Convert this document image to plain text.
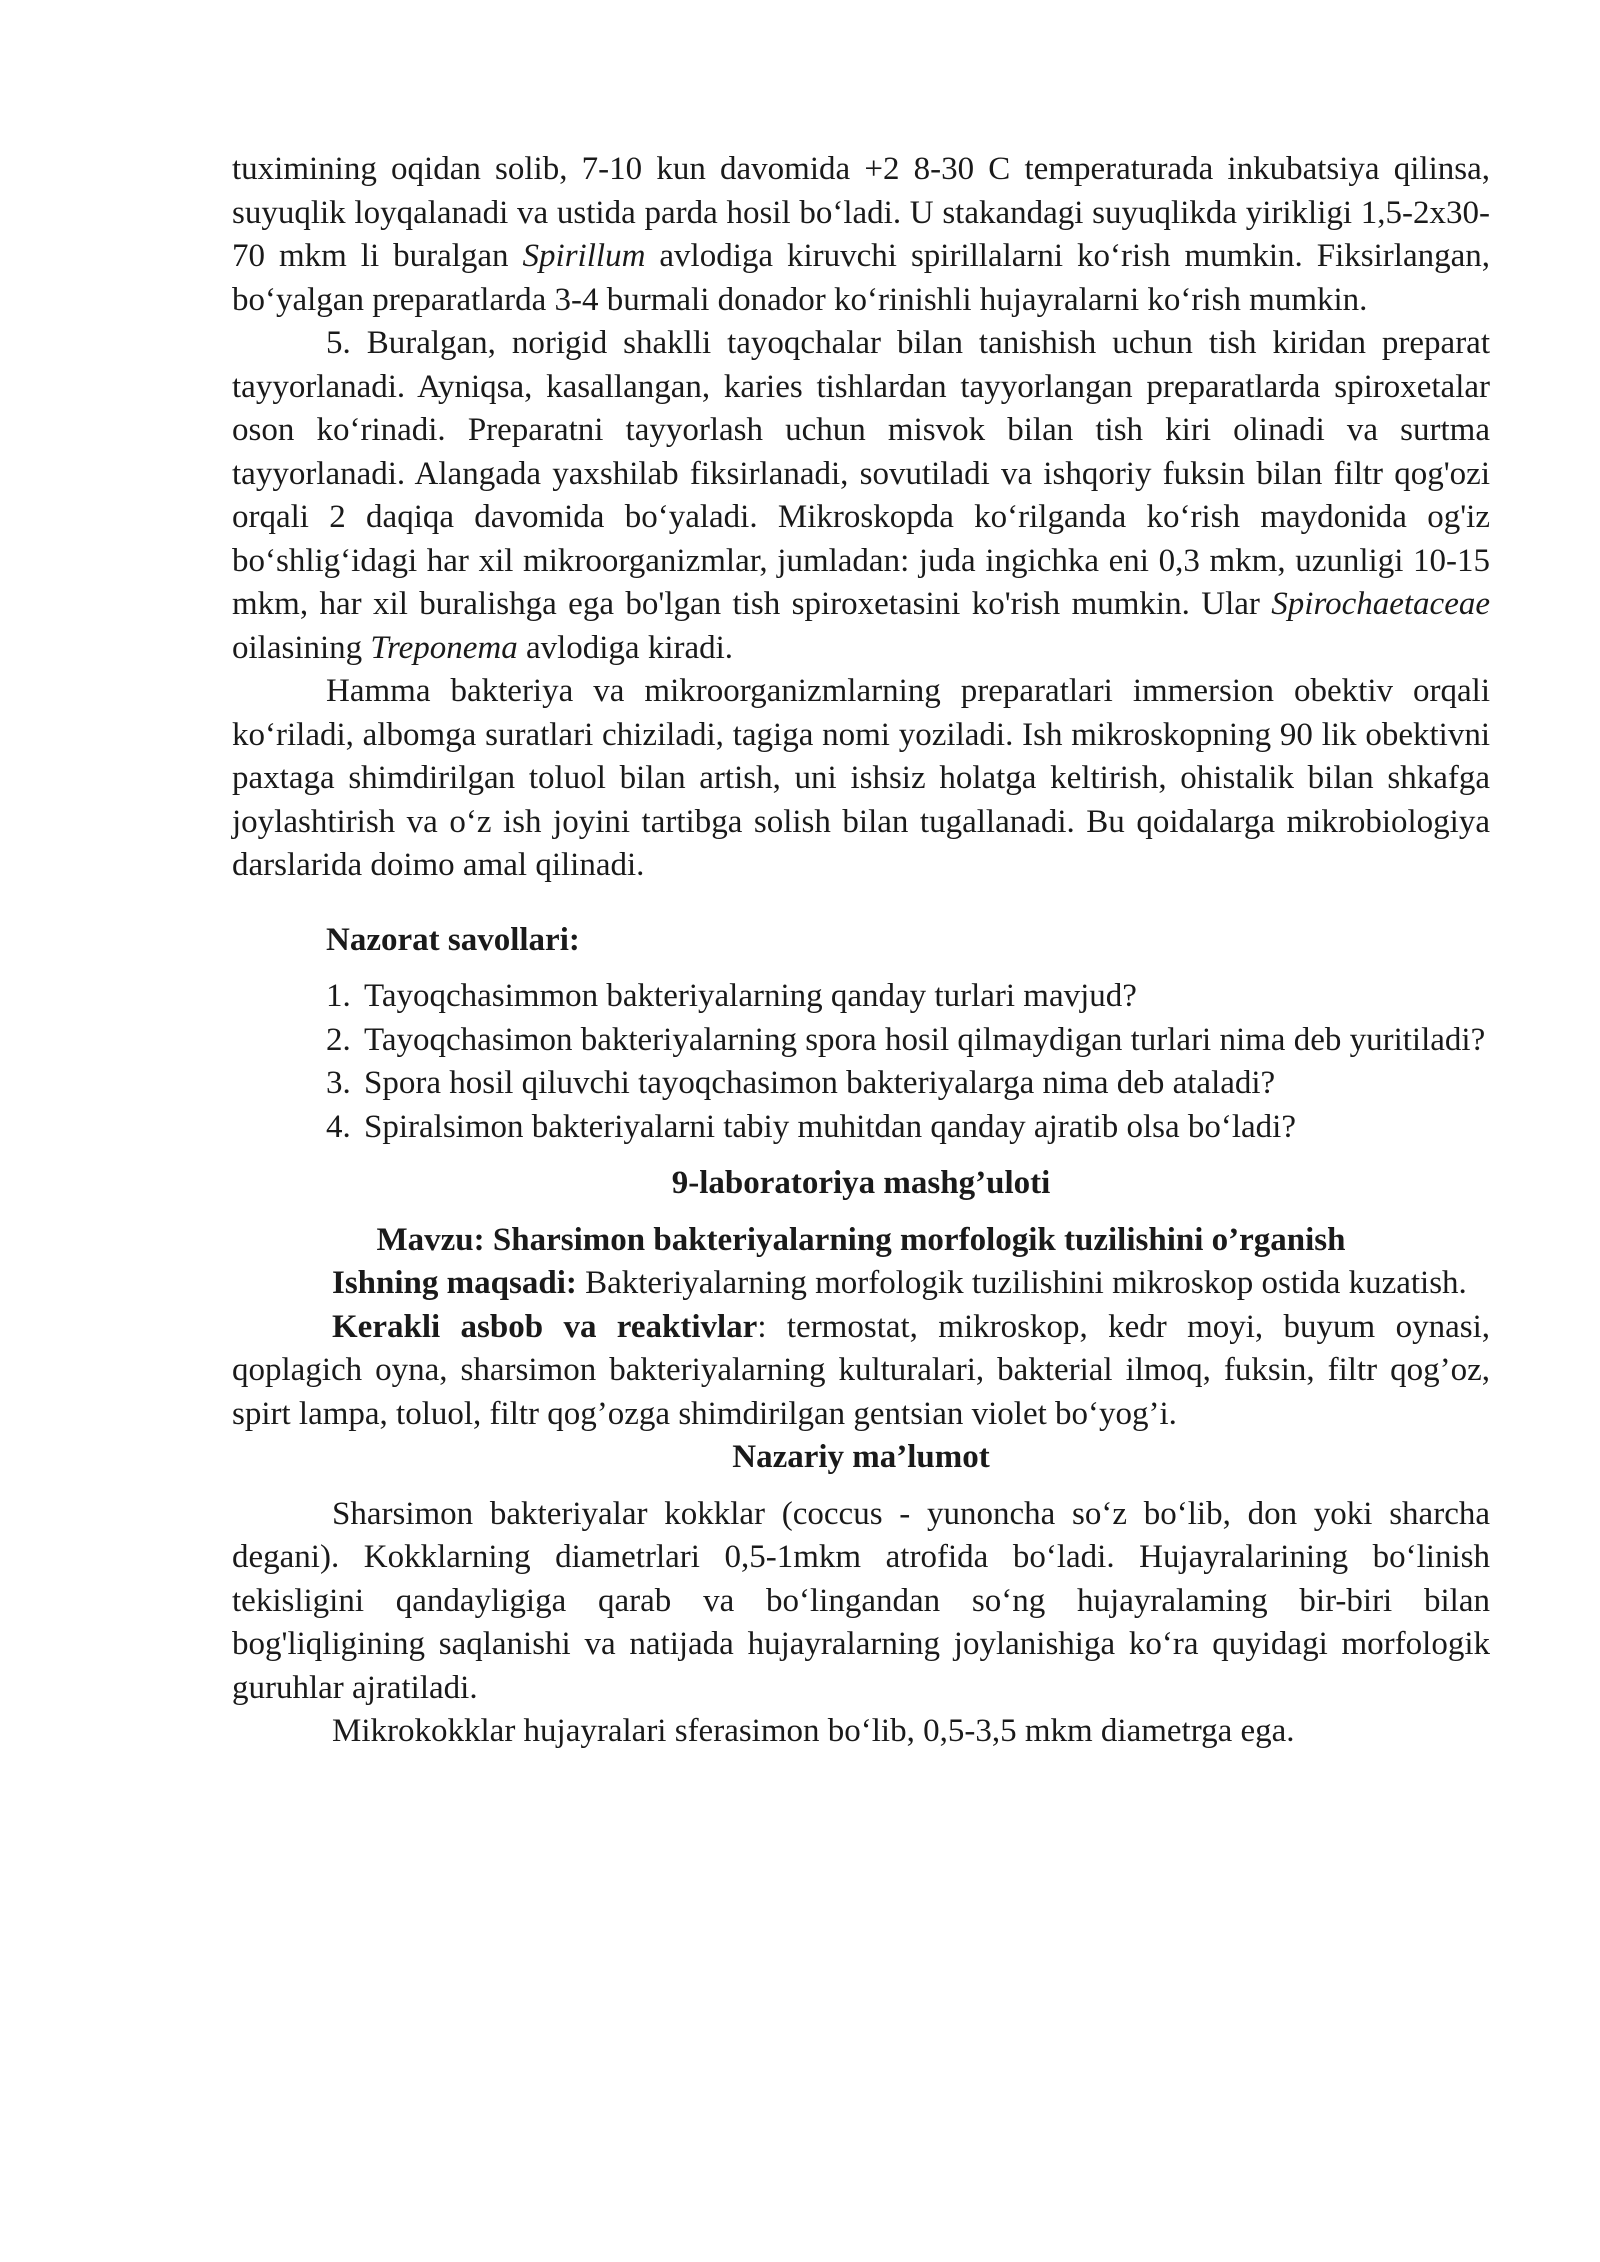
tuximining oqidan solib, 7-10 kun davomida +2 8-30 C temperaturada inkubatsiya qilinsa, suyuqlik loyqalanadi va ustida parda hosil bo‘ladi. U stakandagi suyuqlikda yirikligi 1,5-2x30-70 mkm li buralgan Spirillum avlodiga kiruvchi spirillalarni ko‘rish mumkin. Fiksirlangan, bo‘yalgan preparatlarda 3-4 burmali donador ko‘rinishli hujayralarni ko‘rish mumkin.

5. Buralgan, norigid shaklli tayoqchalar bilan tanishish uchun tish kiridan preparat tayyorlanadi. Ayniqsa, kasallangan, karies tishlardan tayyorlangan preparatlarda spiroxetalar oson ko‘rinadi. Preparatni tayyorlash uchun misvok bilan tish kiri olinadi va surtma tayyorlanadi. Alangada yaxshilab fiksirlanadi, sovutiladi va ishqoriy fuksin bilan filtr qog'ozi orqali 2 daqiqa davomida bo‘yaladi. Mikroskopda ko‘rilganda ko‘rish maydonida og'iz bo‘shlig‘idagi har xil mikroorganizmlar, jumladan: juda ingichka eni 0,3 mkm, uzunligi 10-15 mkm, har xil buralishga ega bo'lgan tish spiroxetasini ko'rish mumkin. Ular Spirochaetaceae oilasining Treponema avlodiga kiradi.

Hamma bakteriya va mikroorganizmlarning preparatlari immersion obektiv orqali ko‘riladi, albomga suratlari chiziladi, tagiga nomi yoziladi. Ish mikroskopning 90 lik obektivni paxtaga shimdirilgan toluol bilan artish, uni ishsiz holatga keltirish, ohistalik bilan shkafga joylashtirish va o‘z ish joyini tartibga solish bilan tugallanadi. Bu qoidalarga mikrobiologiya darslarida doimo amal qilinadi.

Nazorat savollari:

1. Tayoqchasimmon bakteriyalarning qanday turlari mavjud?

2. Tayoqchasimon bakteriyalarning spora hosil qilmaydigan turlari nima deb yuritiladi?

3. Spora hosil qiluvchi tayoqchasimon bakteriyalarga nima deb ataladi?

4. Spiralsimon bakteriyalarni tabiy muhitdan qanday ajratib olsa bo‘ladi?

9-laboratoriya mashg’uloti

Mavzu: Sharsimon bakteriyalarning morfologik tuzilishini o’rganish

Ishning maqsadi: Bakteriyalarning morfologik tuzilishini mikroskop ostida kuzatish.

Kerakli asbob va reaktivlar: termostat, mikroskop, kedr moyi, buyum oynasi, qoplagich oyna, sharsimon bakteriyalarning kulturalari, bakterial ilmoq, fuksin, filtr qog’oz, spirt lampa, toluol, filtr qog’ozga shimdirilgan gentsian violet bo‘yog’i.

Nazariy ma’lumot

Sharsimon bakteriyalar kokklar (coccus - yunoncha so‘z bo‘lib, don yoki sharcha degani). Kokklarning diametrlari 0,5-1mkm atrofida bo‘ladi. Hujayralarining bo‘linish tekisligini qandayligiga qarab va bo‘lingandan so‘ng hujayralaming bir-biri bilan bog'liqligining saqlanishi va natijada hujayralarning joylanishiga ko‘ra quyidagi morfologik guruhlar ajratiladi.

Mikrokokklar hujayralari sferasimon bo‘lib, 0,5-3,5 mkm diametrga ega.
